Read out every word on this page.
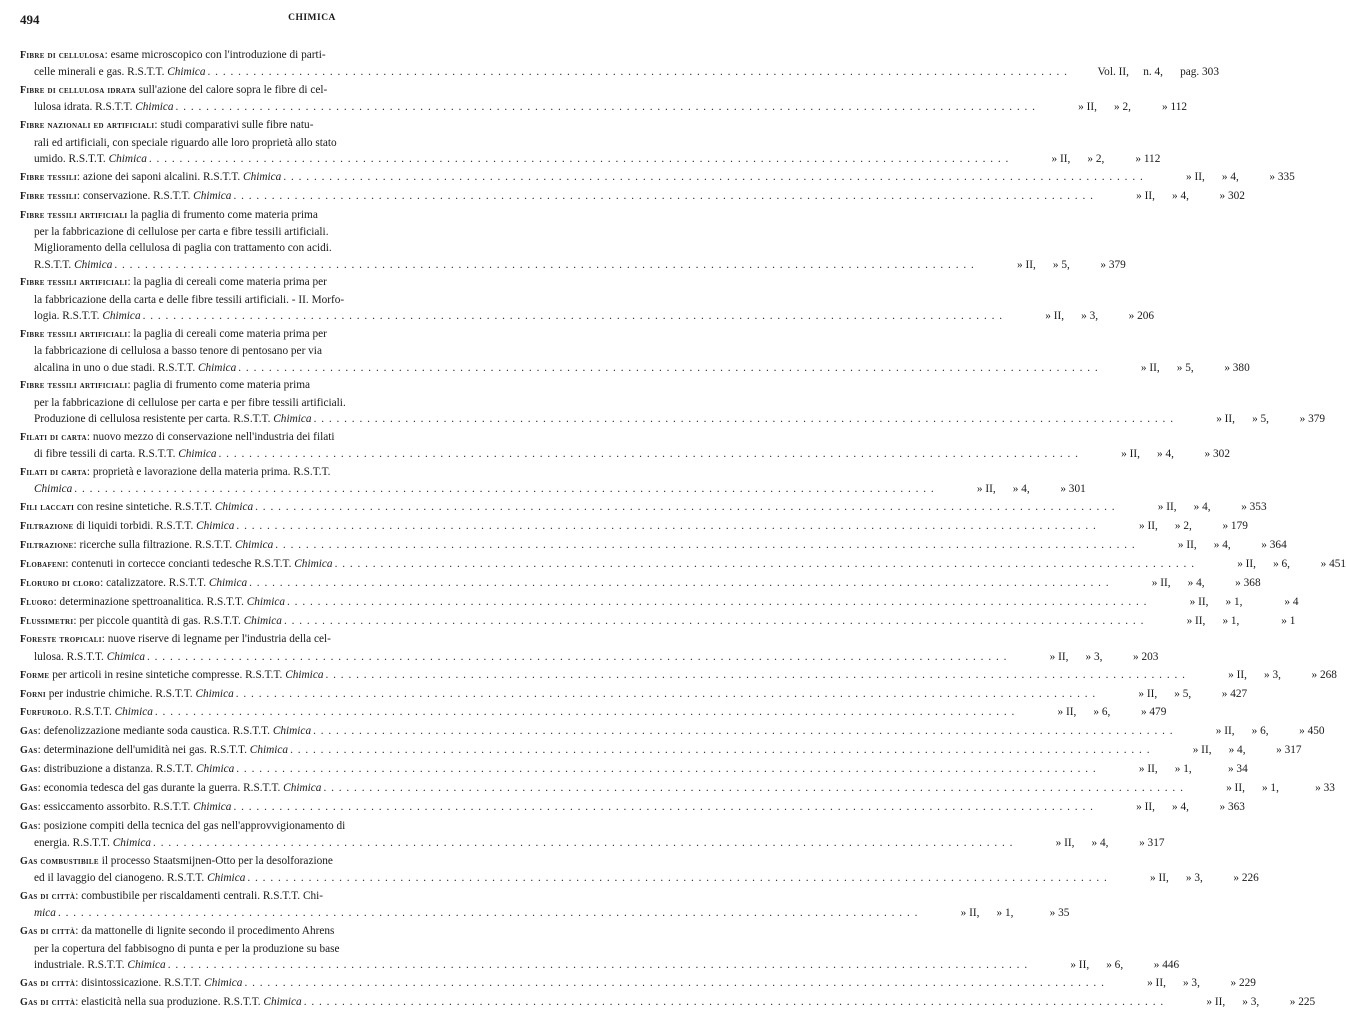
494	CHIMICA
Fibre di cellulosa: esame microscopico con l'introduzione di parti-
celle minerali e gas. R.S.T.T. Chimica . . .	Vol. II,	n. 4,	pag. 303
Fibre di cellulosa idrata sull'azione del calore sopra le fibre di cel-
lulosa idrata. R.S.T.T. Chimica . . .	» II,	» 2,	» 112
Fibre nazionali ed artificiali: studi comparativi sulle fibre natu-
rali ed artificiali, con speciale riguardo alle loro proprietà allo stato
umido. R.S.T.T. Chimica . . .	» II,	» 2,	» 112
Fibre tessili: azione dei saponi alcalini. R.S.T.T. Chimica . . .	» II,	» 4,	» 335
Fibre tessili: conservazione. R.S.T.T. Chimica . . .	» II,	» 4,	» 302
Fibre tessili artificiali la paglia di frumento come materia prima
per la fabbricazione di cellulose per carta e fibre tessili artificiali.
Miglioramento della cellulosa di paglia con trattamento con acidi.
R.S.T.T. Chimica . . .	» II,	» 5,	» 379
Fibre tessili artificiali: la paglia di cereali come materia prima per
la fabbricazione della carta e delle fibre tessili artificiali. - II. Morfo-
logia. R.S.T.T. Chimica . . .	» II,	» 3,	» 206
Fibre tessili artificiali: la paglia di cereali come materia prima per
la fabbricazione di cellulosa a basso tenore di pentosano per via
alcalina in uno o due stadi. R.S.T.T. Chimica . . .	» II,	» 5,	» 380
Fibre tessili artificiali: paglia di frumento come materia prima
per la fabbricazione di cellulose per carta e per fibre tessili artificiali.
Produzione di cellulosa resistente per carta. R.S.T.T. Chimica . . .	» II,	» 5,	» 379
Filati di carta: nuovo mezzo di conservazione nell'industria dei filati
di fibre tessili di carta. R.S.T.T. Chimica . . .	» II,	» 4,	» 302
Filati di carta: proprietà e lavorazione della materia prima. R.S.T.T.
Chimica . . .	» II,	» 4,	» 301
Fili laccati con resine sintetiche. R.S.T.T. Chimica . . .	» II,	» 4,	» 353
Filtrazione di liquidi torbidi. R.S.T.T. Chimica . . .	» II,	» 2,	» 179
Filtrazione: ricerche sulla filtrazione. R.S.T.T. Chimica . . .	» II,	» 4,	» 364
Flobafeni: contenuti in cortecce concianti tedesche R.S.T.T. Chimica . . .	» II,	» 6,	» 451
Floruro di cloro: catalizzatore. R.S.T.T. Chimica . . .	» II,	» 4,	» 368
Fluoro: determinazione spettroanalitica. R.S.T.T. Chimica . . .	» II,	» 1,	» 4
Flussimetri: per piccole quantità di gas. R.S.T.T. Chimica . . .	» II,	» 1,	» 1
Foreste tropicali: nuove riserve di legname per l'industria della cel-
lulosa. R.S.T.T. Chimica . . .	» II,	» 3,	» 203
Forme per articoli in resine sintetiche compresse. R.S.T.T. Chimica . . .	» II,	» 3,	» 268
Forni per industrie chimiche. R.S.T.T. Chimica . . .	» II,	» 5,	» 427
Furfurolo. R.S.T.T. Chimica . . .	» II,	» 6,	» 479
Gas: defenolizzazione mediante soda caustica. R.S.T.T. Chimica . . .	» II,	» 6,	» 450
Gas: determinazione dell'umidità nei gas. R.S.T.T. Chimica . . .	» II,	» 4,	» 317
Gas: distribuzione a distanza. R.S.T.T. Chimica . . .	» II,	» 1,	» 34
Gas: economia tedesca del gas durante la guerra. R.S.T.T. Chimica . . .	» II,	» 1,	» 33
Gas: essiccamento assorbito. R.S.T.T. Chimica . . .	» II,	» 4,	» 363
Gas: posizione compiti della tecnica del gas nell'approvvigionamento di
energia. R.S.T.T. Chimica . . .	» II,	» 4,	» 317
Gas combustibile il processo Staatsmijnen-Otto per la desolforazione
ed il lavaggio del cianogeno. R.S.T.T. Chimica . . .	» II,	» 3,	» 226
Gas di città: combustibile per riscaldamenti centrali. R.S.T.T. Chi-
mica . . .	» II,	» 1,	» 35
Gas di città: da mattonelle di lignite secondo il procedimento Ahrens
per la copertura del fabbisogno di punta e per la produzione su base
industriale. R.S.T.T. Chimica . . .	» II,	» 6,	» 446
Gas di città: disintossicazione. R.S.T.T. Chimica . . .	» II,	» 3,	» 229
Gas di città: elasticità nella sua produzione. R.S.T.T. Chimica . . .	» II,	» 3,	» 225
